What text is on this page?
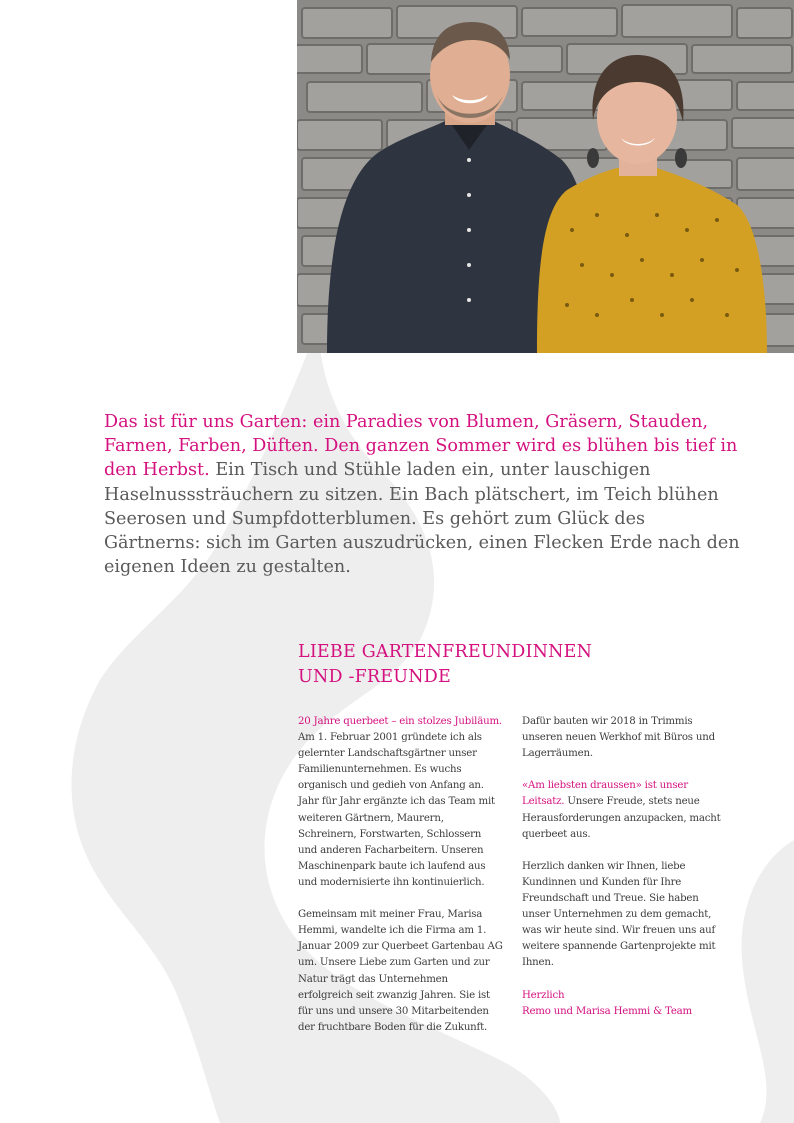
Das ist für uns Garten: ein Paradies von Blumen, Gräsern, Stauden, Farnen, Farben, Düften. Den ganzen Sommer wird es blühen bis tief in den Herbst. Ein Tisch und Stühle laden ein, unter lauschigen Haselnusssträuchern zu sitzen. Ein Bach plätschert, im Teich blühen Seerosen und Sumpfdotterblumen. Es gehört zum Glück des Gärtnerns: sich im Garten auszudrücken, einen Flecken Erde nach den eigenen Ideen zu gestalten.

LIEBE GARTENFREUNDINNEN
UND -FREUNDE

20 Jahre querbeet – ein stolzes Jubiläum. Am 1. Februar 2001 gründete ich als gelernter Landschaftsgärtner unser Familienunternehmen. Es wuchs organisch und gedieh von Anfang an. Jahr für Jahr ergänzte ich das Team mit weiteren Gärtnern, Maurern, Schreinern, Forstwarten, Schlossern und anderen Facharbeitern. Unseren Maschinenpark baute ich laufend aus und modernisierte ihn kontinuierlich.

Gemeinsam mit meiner Frau, Marisa Hemmi, wandelte ich die Firma am 1. Januar 2009 zur Querbeet Gartenbau AG um. Unsere Liebe zum Garten und zur Natur trägt das Unternehmen erfolgreich seit zwanzig Jahren. Sie ist für uns und unsere 30 Mitarbeitenden der fruchtbare Boden für die Zukunft.

Dafür bauten wir 2018 in Trimmis unseren neuen Werkhof mit Büros und Lagerräumen.

«Am liebsten draussen» ist unser Leitsatz. Unsere Freude, stets neue Herausforderungen anzupacken, macht querbeet aus.

Herzlich danken wir Ihnen, liebe Kundinnen und Kunden für Ihre Freundschaft und Treue. Sie haben unser Unternehmen zu dem gemacht, was wir heute sind. Wir freuen uns auf weitere spannende Gartenprojekte mit Ihnen.

Herzlich
Remo und Marisa Hemmi & Team
